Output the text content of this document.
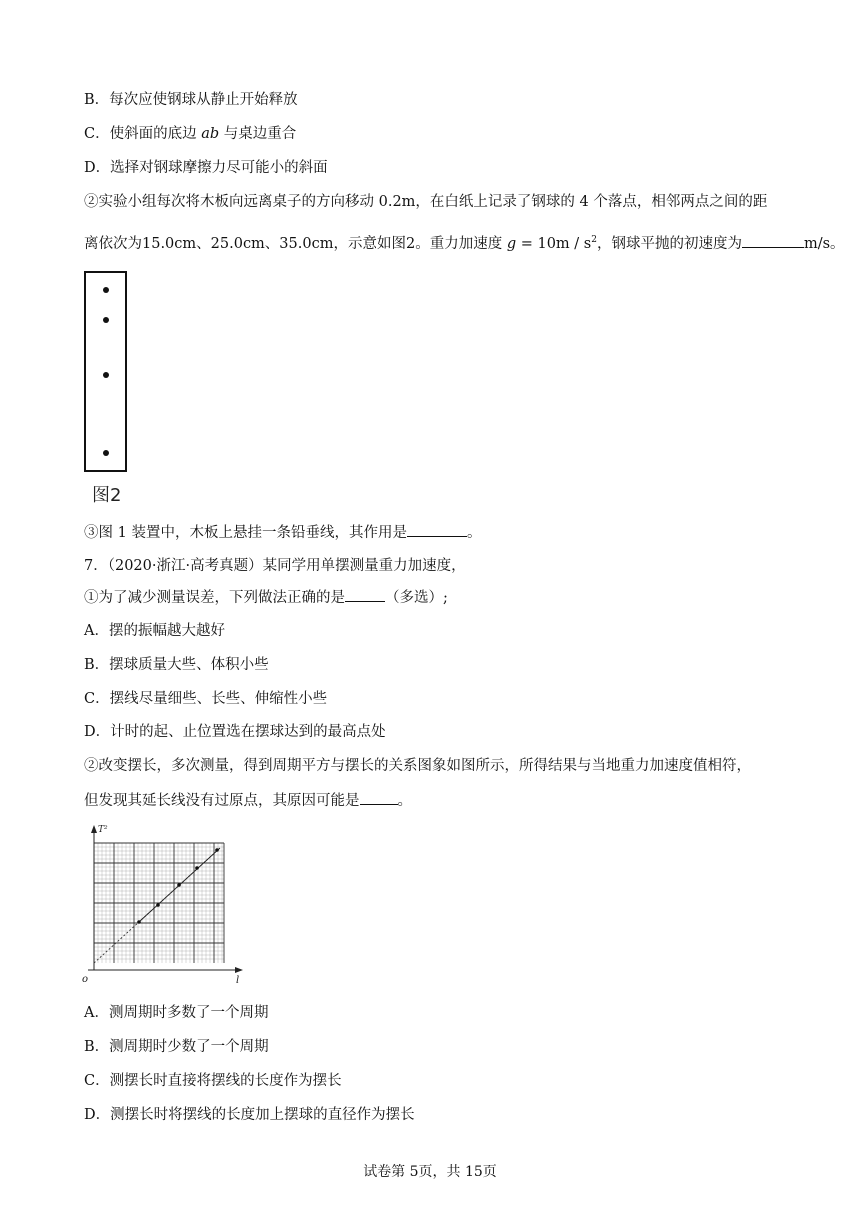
B．每次应使钢球从静止开始释放
C．使斜面的底边 ab 与桌边重合
D．选择对钢球摩擦力尽可能小的斜面
②实验小组每次将木板向远离桌子的方向移动 0.2m，在白纸上记录了钢球的 4 个落点，相邻两点之间的距
离依次为15.0cm、25.0cm、35.0cm，示意如图2。重力加速度 $g = 10m / s^2$，钢球平抛的初速度为	m/s。
图2
③图 1 装置中，木板上悬挂一条铅垂线，其作用是	。
7．（2020·浙江·高考真题）某同学用单摆测量重力加速度，
①为了减少测量误差，下列做法正确的是	（多选）;
A．摆的振幅越大越好
B．摆球质量大些、体积小些
C．摆线尽量细些、长些、伸缩性小些
D．计时的起、止位置选在摆球达到的最高点处
②改变摆长，多次测量，得到周期平方与摆长的关系图象如图所示，所得结果与当地重力加速度值相符，
但发现其延长线没有过原点，其原因可能是	。
T²
l
o
A．测周期时多数了一个周期
B．测周期时少数了一个周期
C．测摆长时直接将摆线的长度作为摆长
D．测摆长时将摆线的长度加上摆球的直径作为摆长
试卷第 5页，共 15页
